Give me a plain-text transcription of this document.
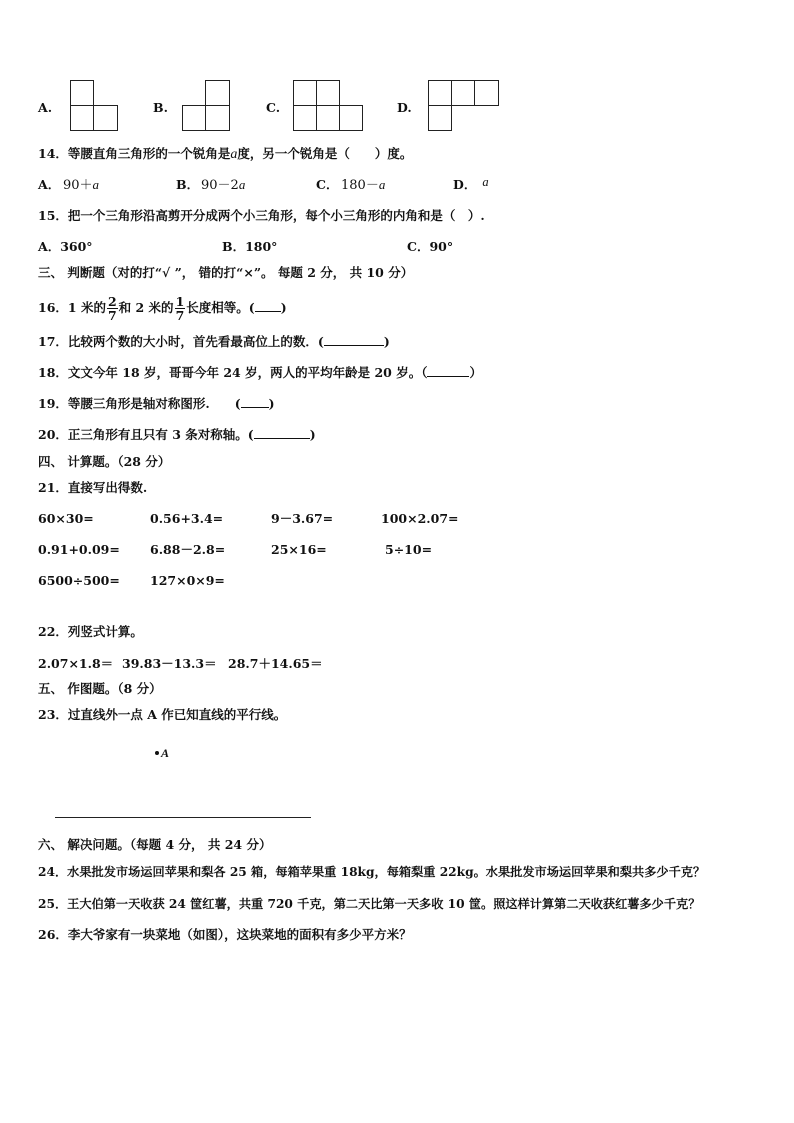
A.	B.	C.	D.
14．等腰直角三角形的一个锐角是a度，另一个锐角是（　　）度。
A． 90＋a	B． 90－2a	C． 180－a	D． a
15．把一个三角形沿高剪开分成两个小三角形，每个小三角形的内角和是（　）.
A．360°	B．180°	C．90°
三、 判断题（对的打“√ ”， 错的打“×”。 每题 2 分， 共 10 分）
16．1 米的 $\frac{2}{7}$ 和 2 米的 $\frac{1}{7}$ 长度相等。( )
17．比较两个数的大小时，首先看最高位上的数．(	)
18．文文今年 18 岁，哥哥今年 24 岁，两人的平均年龄是 20 岁。（	）
19．等腰三角形是轴对称图形.　　( )
20．正三角形有且只有 3 条对称轴。(	)
四、 计算题。（28 分）
21．直接写出得数.
60×30=	0.56+3.4=	9－3.67=	100×2.07=
0.91+0.09= 6.88－2.8=	25×16=	5÷10=
6500÷500= 127×0×9=
22．列竖式计算。
2.07×1.8＝ 39.83－13.3＝ 28.7＋14.65＝
五、 作图题。（8 分）
23．过直线外一点 A 作已知直线的平行线。
A
六、 解决问题。（每题 4 分， 共 24 分）
24．水果批发市场运回苹果和梨各 25 箱，每箱苹果重 18kg，每箱梨重 22kg。水果批发市场运回苹果和梨共多少千克？
25．王大伯第一天收获 24 筐红薯，共重 720 千克，第二天比第一天多收 10 筐。照这样计算第二天收获红薯多少千克？
26．李大爷家有一块菜地（如图），这块菜地的面积有多少平方米？
